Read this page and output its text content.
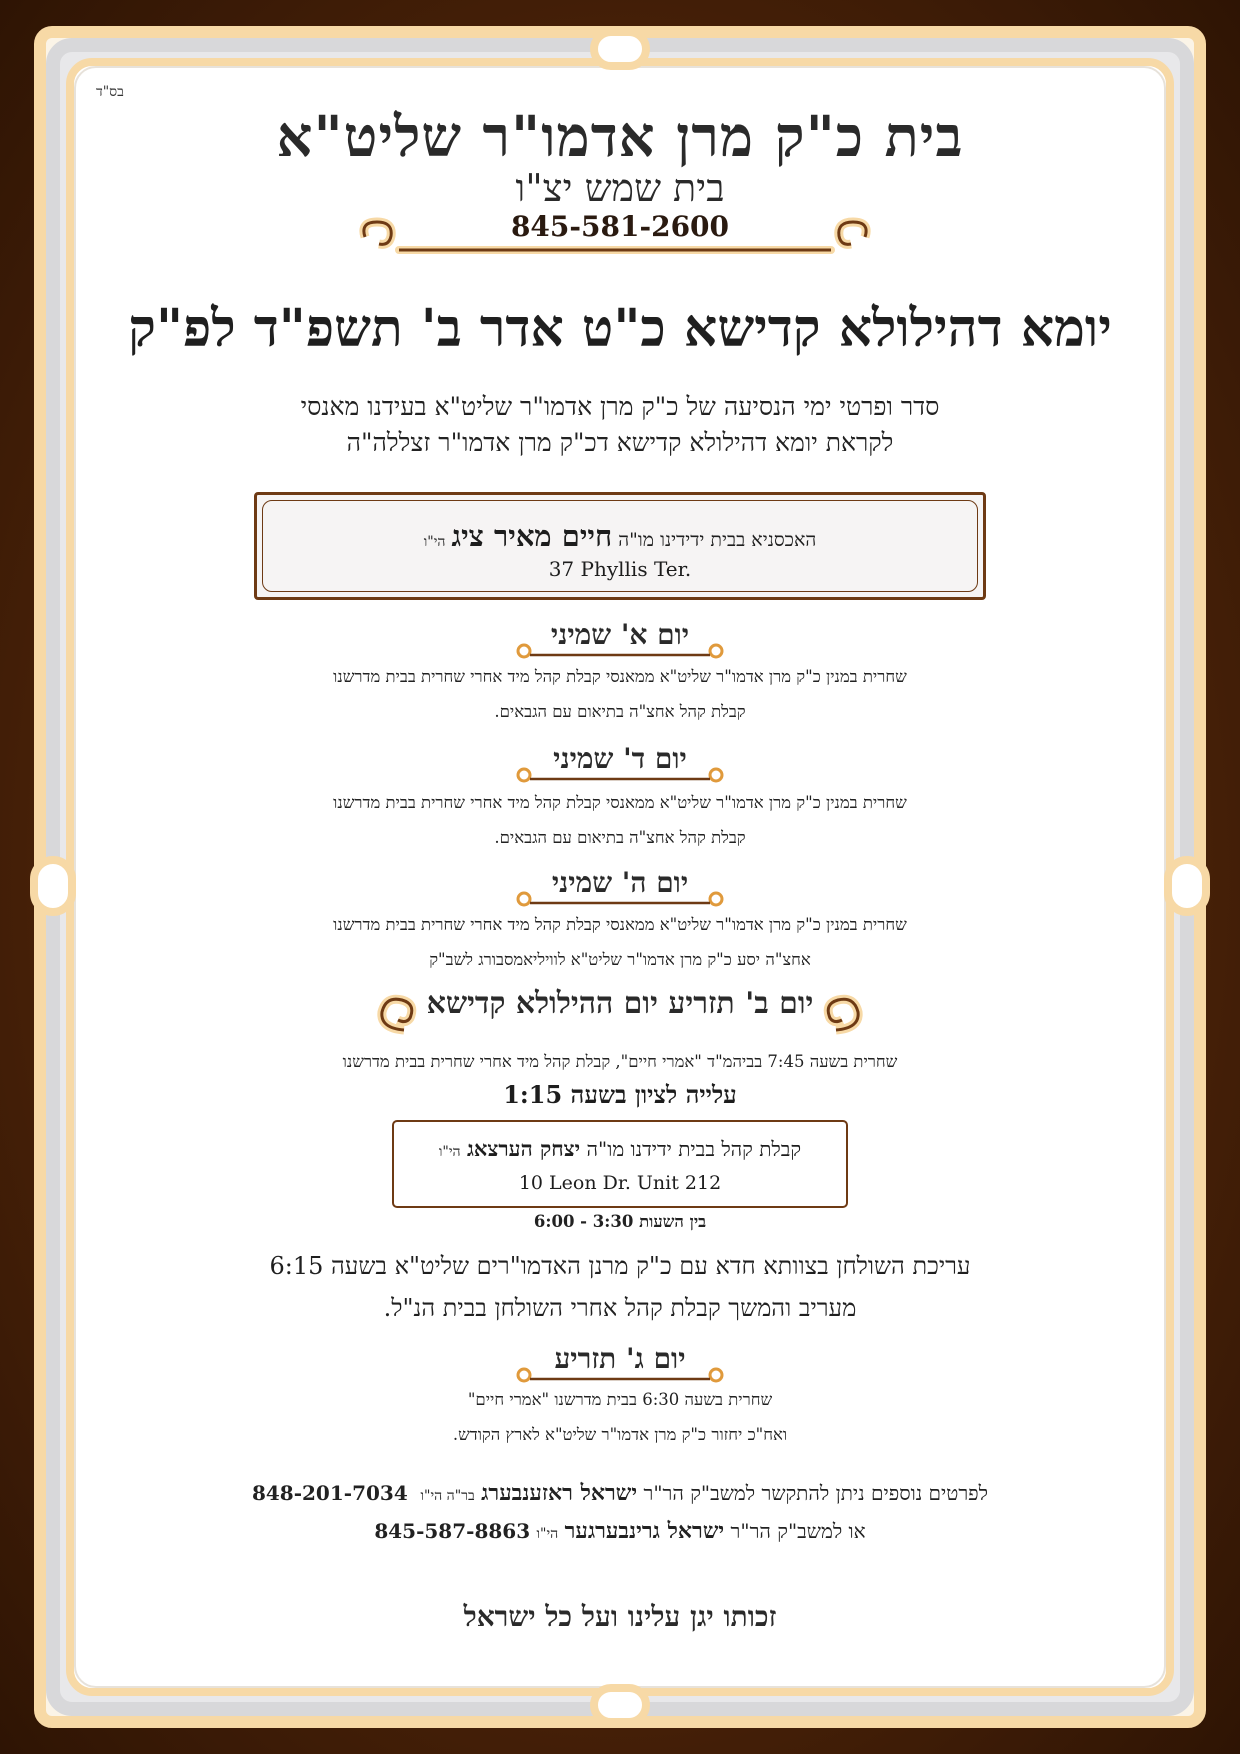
בס"ד
בית כ"ק מרן אדמו"ר שליט"א
בית שמש יצ"ו
845-581-2600
יומא דהילולא קדישא כ"ט אדר ב' תשפ"ד לפ"ק
סדר ופרטי ימי הנסיעה של כ"ק מרן אדמו"ר שליט"א בעידנו מאנסי
לקראת יומא דהילולא קדישא דכ"ק מרן אדמו"ר זצללה"ה
האכסניא בבית ידידינו מו"ה חיים מאיר ציג הי"ו
37 Phyllis Ter.
יום א' שמיני
שחרית במנין כ"ק מרן אדמו"ר שליט"א ממאנסי קבלת קהל מיד אחרי שחרית בבית מדרשנו
קבלת קהל אחצ"ה בתיאום עם הגבאים.
יום ד' שמיני
שחרית במנין כ"ק מרן אדמו"ר שליט"א ממאנסי קבלת קהל מיד אחרי שחרית בבית מדרשנו
קבלת קהל אחצ"ה בתיאום עם הגבאים.
יום ה' שמיני
שחרית במנין כ"ק מרן אדמו"ר שליט"א ממאנסי קבלת קהל מיד אחרי שחרית בבית מדרשנו
אחצ"ה יסע כ"ק מרן אדמו"ר שליט"א לוויליאמסבורג לשב"ק
יום ב' תזריע יום ההילולא קדישא
שחרית בשעה 7:45 בביהמ"ד "אמרי חיים", קבלת קהל מיד אחרי שחרית בבית מדרשנו
עלייה לציון בשעה 1:15
קבלת קהל בבית ידידנו מו"ה יצחק הערצאג הי"ו
10 Leon Dr. Unit 212
בין השעות 3:30 - 6:00
עריכת השולחן בצוותא חדא עם כ"ק מרנן האדמו"רים שליט"א בשעה 6:15
מעריב והמשך קבלת קהל אחרי השולחן בבית הנ"ל.
יום ג' תזריע
שחרית בשעה 6:30 בבית מדרשנו "אמרי חיים"
ואח"כ יחזור כ"ק מרן אדמו"ר שליט"א לארץ הקודש.
לפרטים נוספים ניתן להתקשר למשב"ק הר"ר ישראל ראזענבערג בר"ה הי"ו  848-201-7034
או למשב"ק הר"ר ישראל גרינבערגער הי"ו 845-587-8863
זכותו יגן עלינו ועל כל ישראל
